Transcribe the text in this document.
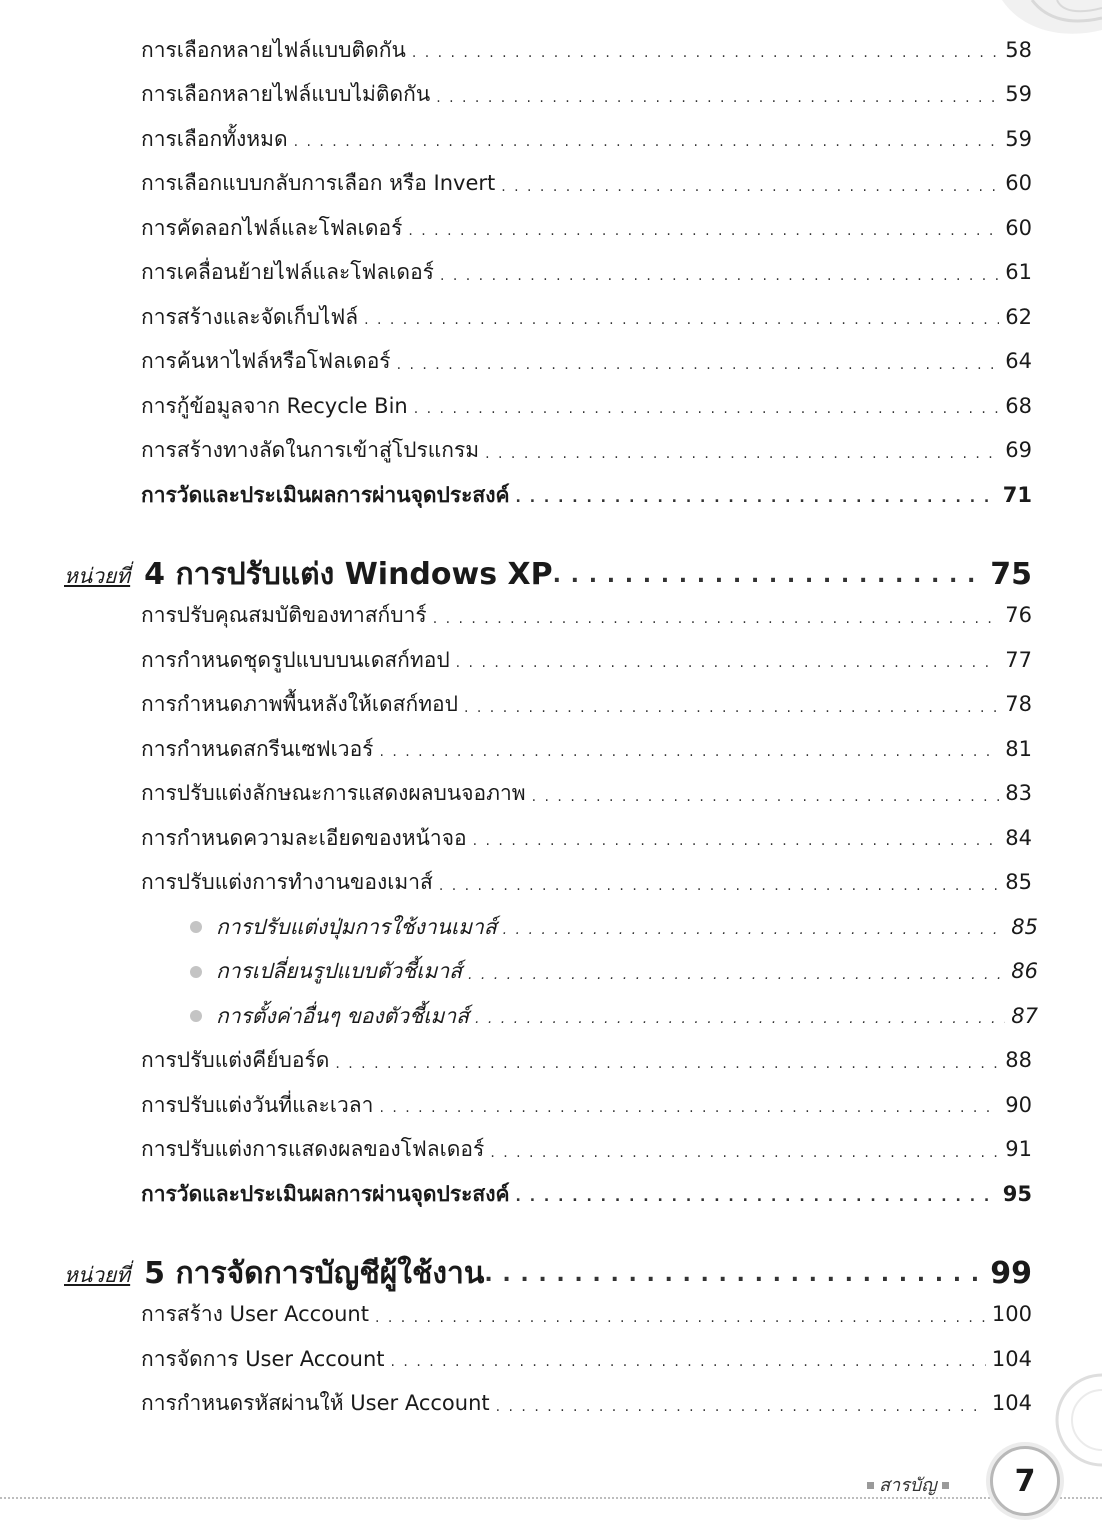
การเลือกหลายไฟล์แบบติดกัน . . .	58
การเลือกหลายไฟล์แบบไม่ติดกัน . . .	59
การเลือกทั้งหมด . . .	59
การเลือกแบบกลับการเลือก หรือ Invert . . .	60
การคัดลอกไฟล์และโฟลเดอร์ . . .	60
การเคลื่อนย้ายไฟล์และโฟลเดอร์ . . .	61
การสร้างและจัดเก็บไฟล์ . . .	62
การค้นหาไฟล์หรือโฟลเดอร์ . . .	64
การกู้ข้อมูลจาก Recycle Bin . . .	68
การสร้างทางลัดในการเข้าสู่โปรแกรม . . .	69
การวัดและประเมินผลการผ่านจุดประสงค์ . . .	71
หน่วยที่ 4 การปรับแต่ง Windows XP . . .	75
การปรับคุณสมบัติของทาสก์บาร์ . . .	76
การกำหนดชุดรูปแบบบนเดสก์ทอป . . .	77
การกำหนดภาพพื้นหลังให้เดสก์ทอป . . .	78
การกำหนดสกรีนเซฟเวอร์ . . .	81
การปรับแต่งลักษณะการแสดงผลบนจอภาพ . . .	83
การกำหนดความละเอียดของหน้าจอ . . .	84
การปรับแต่งการทำงานของเมาส์ . . .	85
การปรับแต่งปุ่มการใช้งานเมาส์ . . .	85
การเปลี่ยนรูปแบบตัวชี้เมาส์ . . .	86
การตั้งค่าอื่นๆ ของตัวชี้เมาส์ . . .	87
การปรับแต่งคีย์บอร์ด . . .	88
การปรับแต่งวันที่และเวลา . . .	90
การปรับแต่งการแสดงผลของโฟลเดอร์ . . .	91
การวัดและประเมินผลการผ่านจุดประสงค์ . . .	95
หน่วยที่ 5 การจัดการบัญชีผู้ใช้งาน . . .	99
การสร้าง User Account . . .	100
การจัดการ User Account . . .	104
การกำหนดรหัสผ่านให้ User Account . . .	104
สารบัญ	7
